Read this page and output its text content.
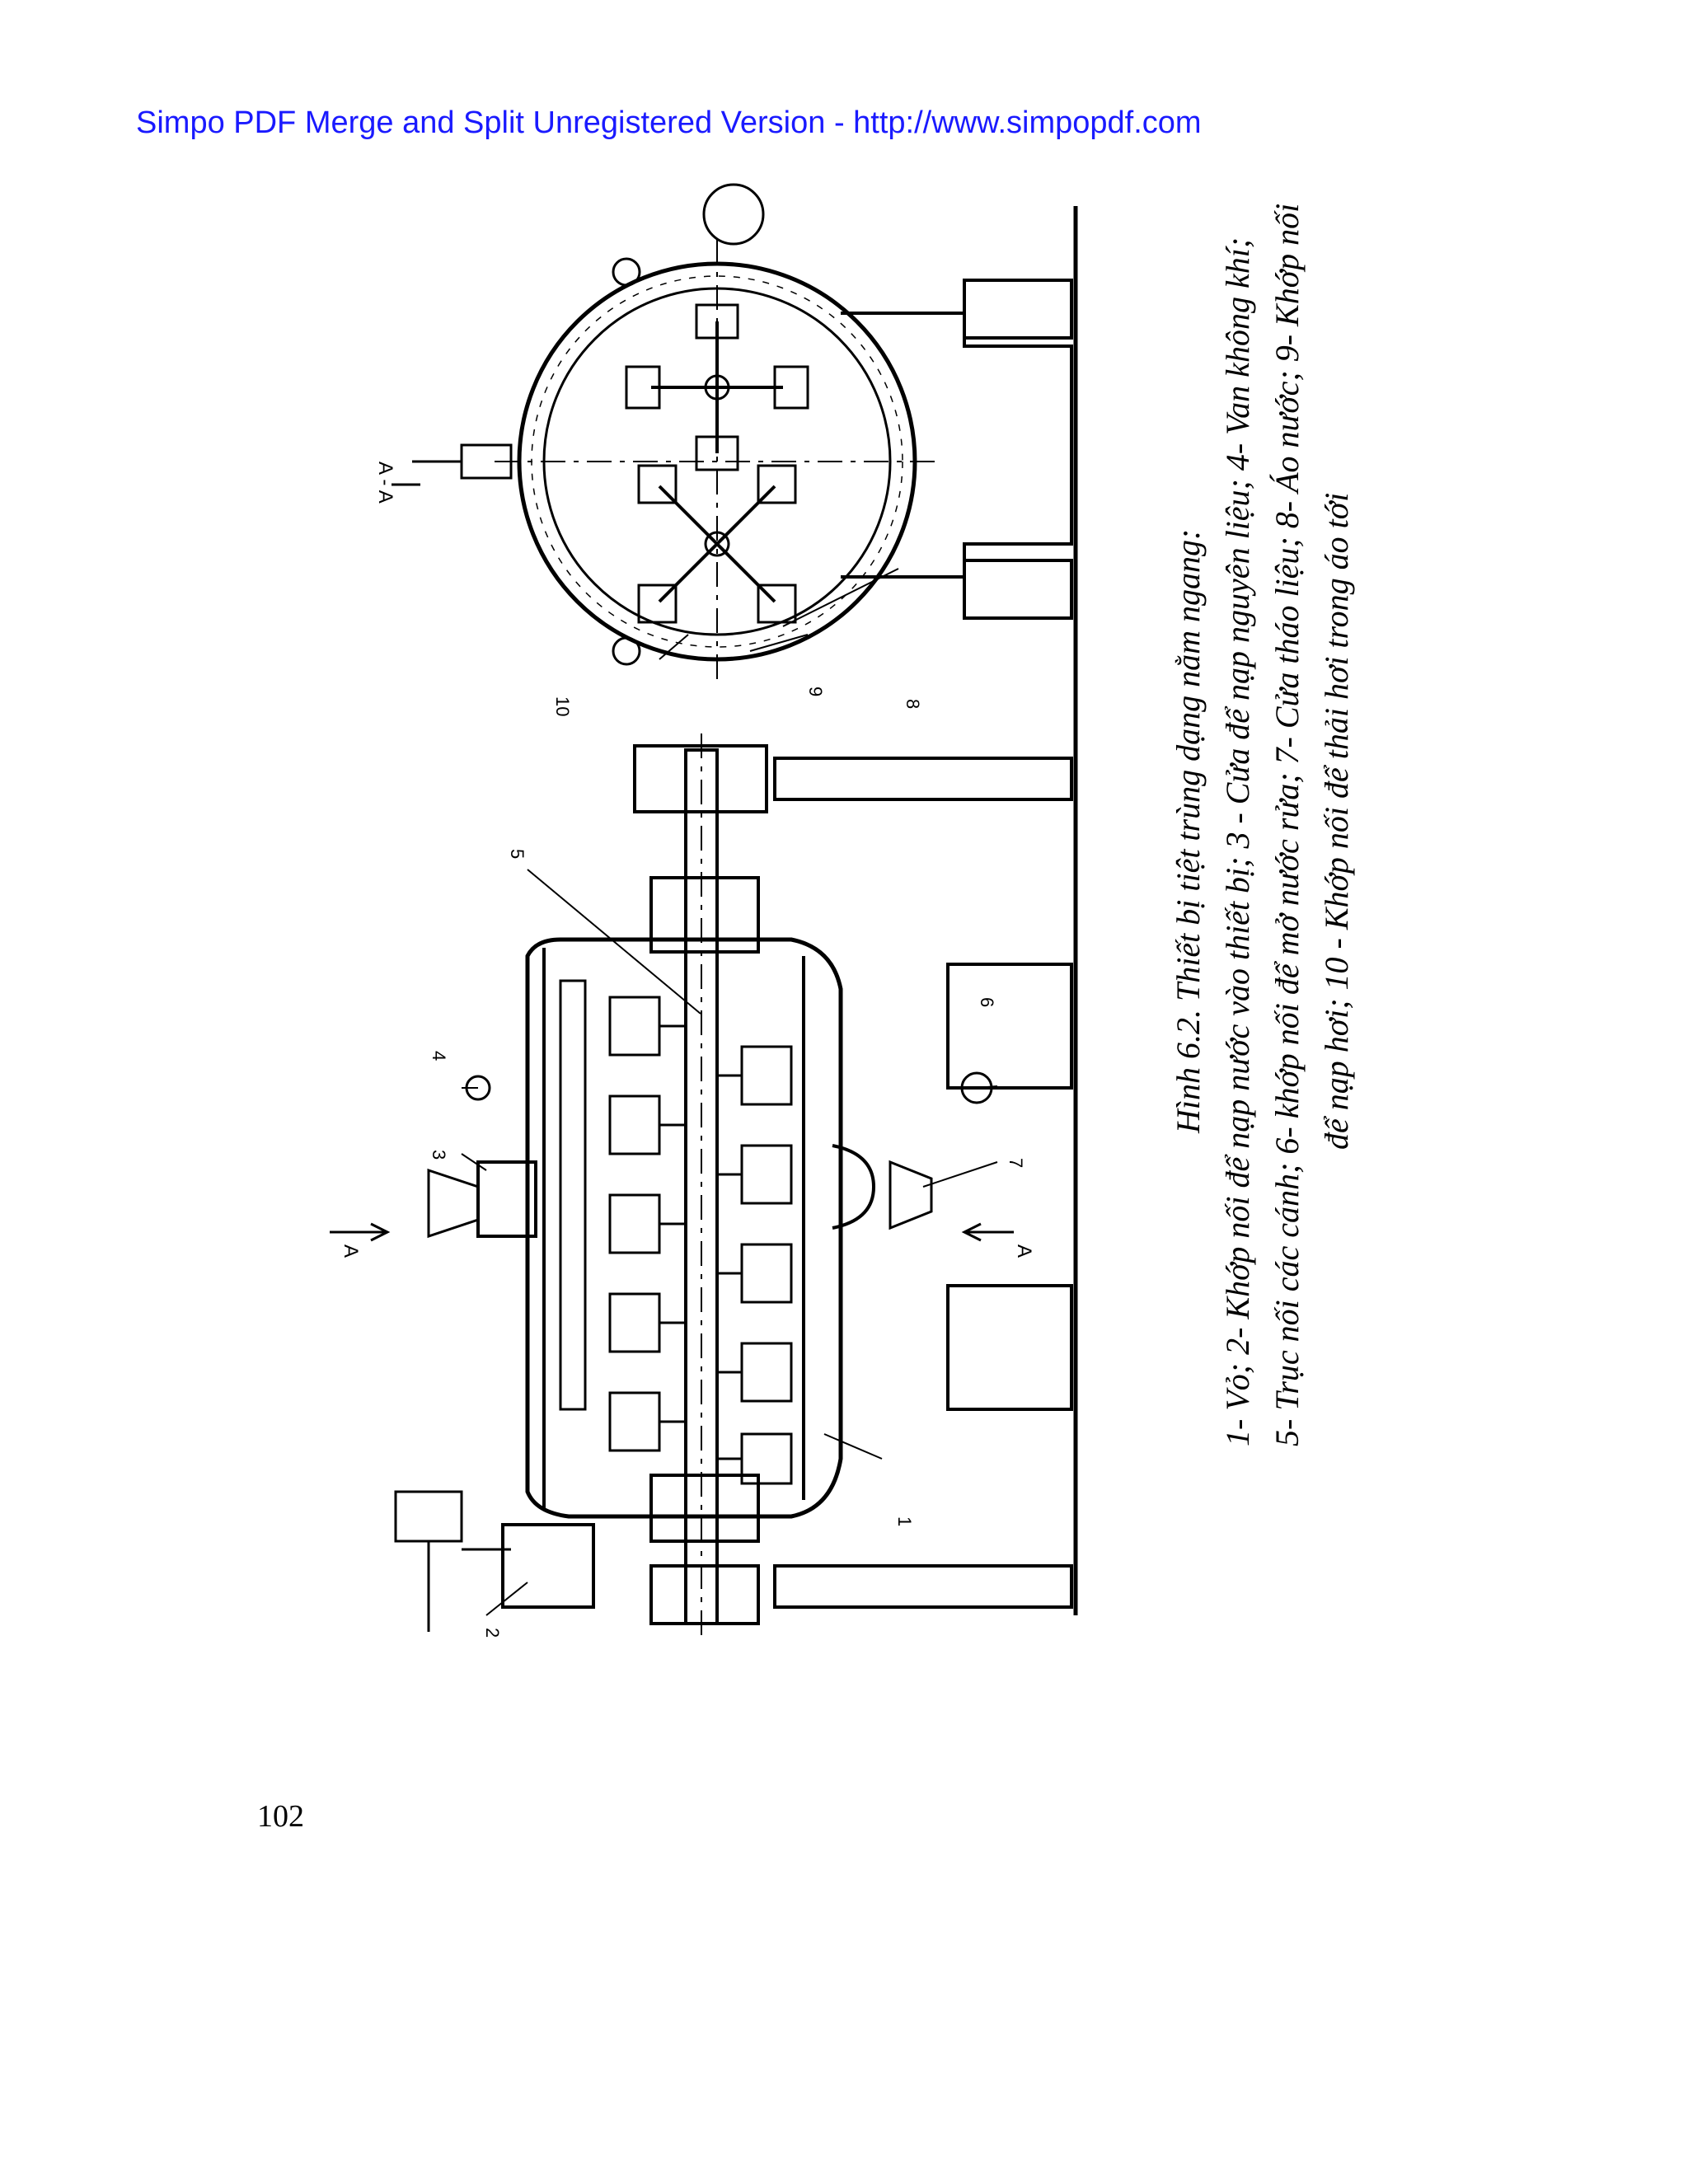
Simpo PDF Merge and Split Unregistered Version - http://www.simpopdf.com
10
9
8
5
6
4
3
7
1
2
A - A
A	A
Hình 6.2. Thiết bị tiệt trùng dạng nằm ngang: 1- Vỏ; 2- Khớp nối để nạp nước vào thiết bị; 3 - Cửa để nạp nguyên liệu; 4- Van không khí; 5- Trục nối các cánh; 6- khớp nối để mở nước rửa; 7- Cửa tháo liệu; 8- Áo nước; 9- Khớp nối để nạp hơi; 10 - Khớp nối để thải hơi trong áo tới
102
